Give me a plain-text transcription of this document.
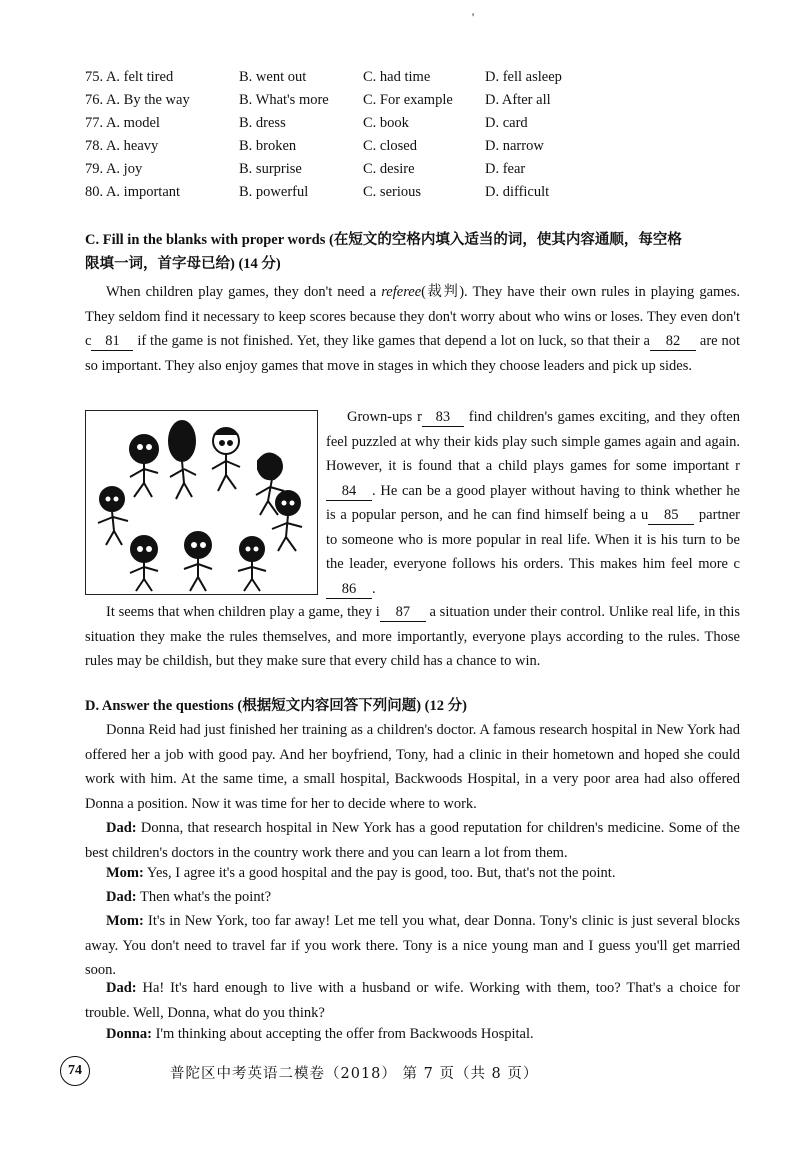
'
75. A. felt tired	B. went out	C. had time	D. fell asleep
76. A. By the way	B. What's more	C. For example	D. After all
77. A. model	B. dress	C. book	D. card
78. A. heavy	B. broken	C. closed	D. narrow
79. A. joy	B. surprise	C. desire	D. fear
80. A. important	B. powerful	C. serious	D. difficult
C. Fill in the blanks with proper words (在短文的空格内填入适当的词，使其内容通顺，每空格
限填一词，首字母已给) (14 分)
When children play games, they don't need a referee(裁判). They have their own rules in playing games. They seldom find it necessary to keep scores because they don't worry about who wins or loses. They even don't c 81 if the game is not finished. Yet, they like games that depend a lot on luck, so that their a 82 are not so important. They also enjoy games that move in stages in which they choose leaders and pick up sides.
Grown-ups r 83 find children's games exciting, and they often feel puzzled at why their kids play such simple games again and again. However, it is found that a child plays games for some important r84 . He can be a good player without having to think whether he is a popular person, and he can find himself being a u 85 partner to someone who is more popular in real life. When it is his turn to be the leader, everyone follows his orders. This makes him feel more c86 .
It seems that when children play a game, they i 87 a situation under their control. Unlike real life, in this situation they make the rules themselves, and more importantly, everyone plays according to the rules. Those rules may be childish, but they make sure that every child has a chance to win.
D. Answer the questions (根据短文内容回答下列问题) (12 分)
Donna Reid had just finished her training as a children's doctor. A famous research hospital in New York had offered her a job with good pay. And her boyfriend, Tony, had a clinic in their hometown and hoped she could work with him. At the same time, a small hospital, Backwoods Hospital, in a very poor area had also offered Donna a position. Now it was time for her to decide where to work.
Dad: Donna, that research hospital in New York has a good reputation for children's medicine. Some of the best children's doctors in the country work there and you can learn a lot from them.
Mom: Yes, I agree it's a good hospital and the pay is good, too. But, that's not the point.
Dad: Then what's the point?
Mom: It's in New York, too far away! Let me tell you what, dear Donna. Tony's clinic is just several blocks away. You don't need to travel far if you work there. Tony is a nice young man and I guess you'll get married soon.
Dad: Ha! It's hard enough to live with a husband or wife. Working with them, too? That's a choice for trouble. Well, Donna, what do you think?
Donna: I'm thinking about accepting the offer from Backwoods Hospital.
74	普陀区中考英语二模卷（2018） 第 7 页（共 8 页）
